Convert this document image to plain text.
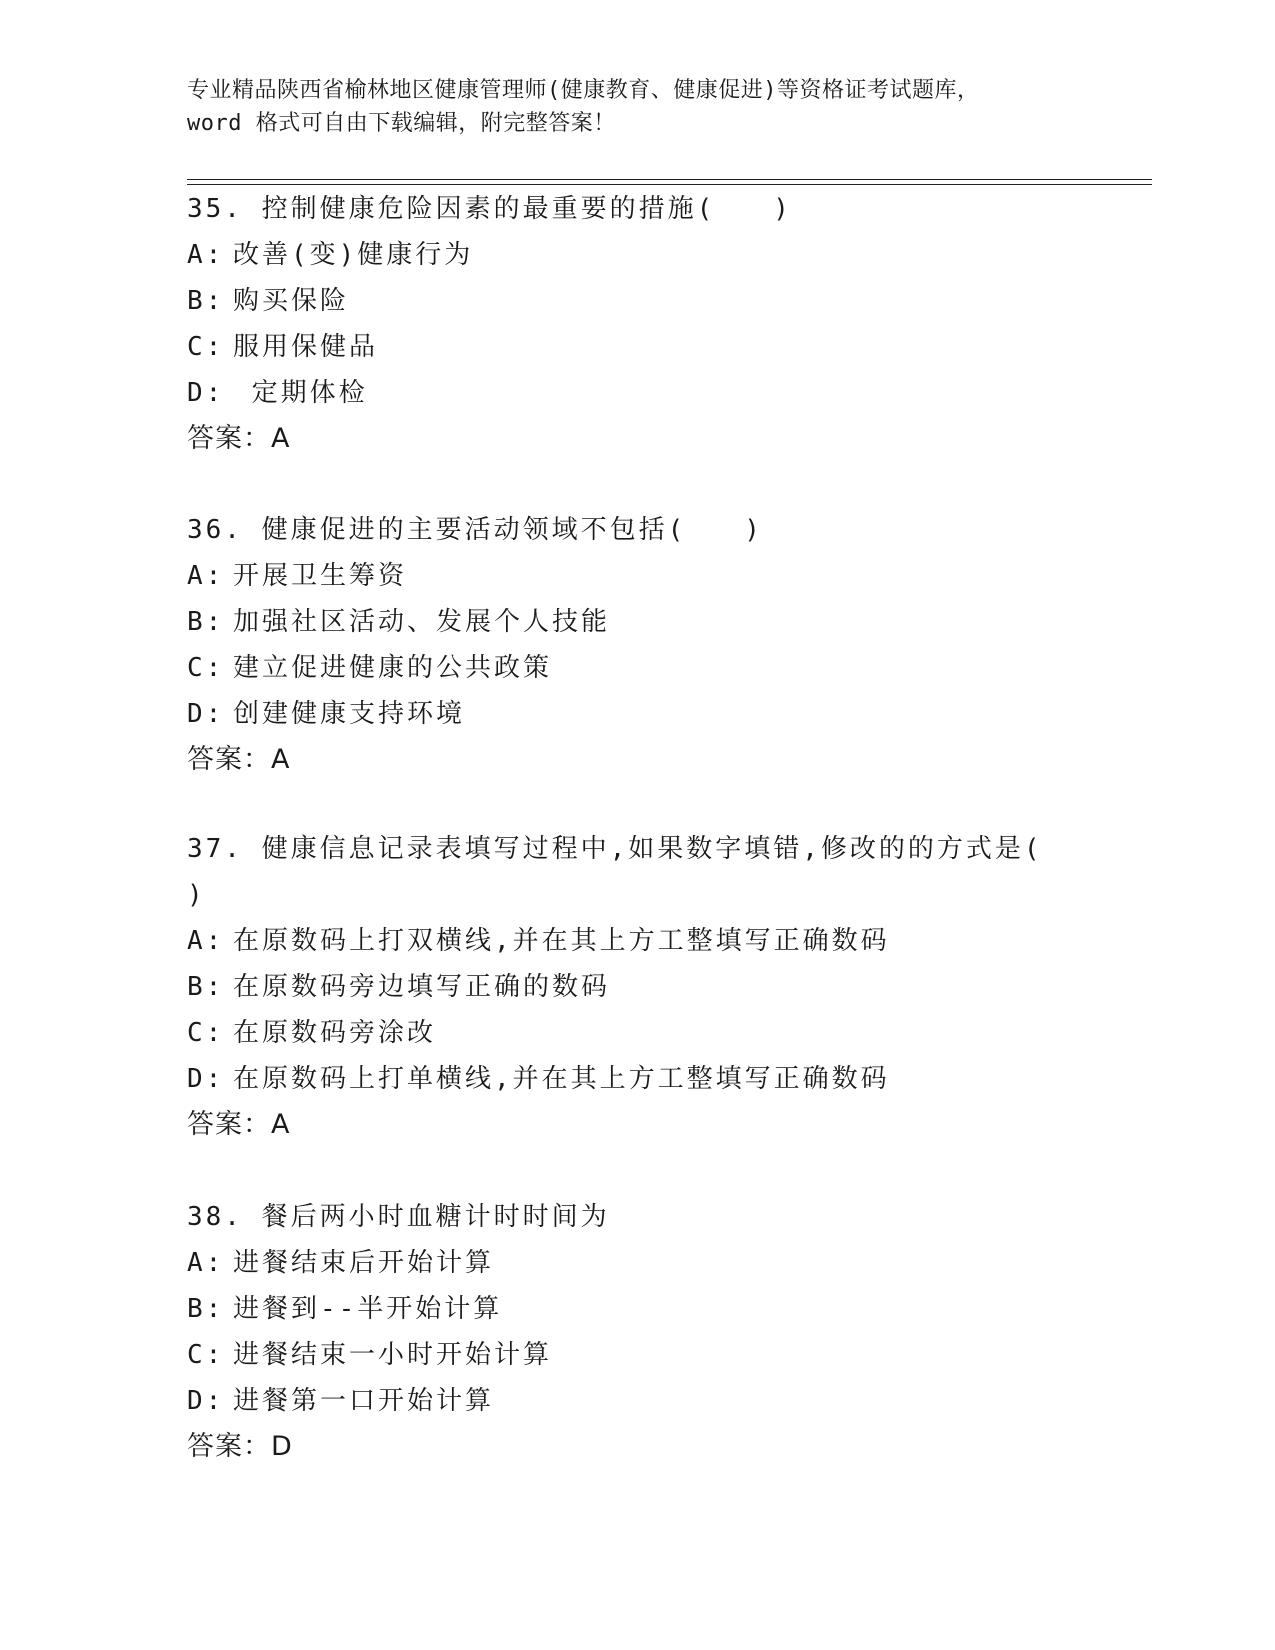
专业精品陕西省榆林地区健康管理师(健康教育、健康促进)等资格证考试题库，
word 格式可自由下载编辑，附完整答案！
35. 控制健康危险因素的最重要的措施(　　)
A: 改善(变)健康行为
B: 购买保险
C: 服用保健品
D: 定期体检
答案：A
36. 健康促进的主要活动领域不包括(　　)
A: 开展卫生筹资
B: 加强社区活动、发展个人技能
C: 建立促进健康的公共政策
D: 创建健康支持环境
答案：A
37. 健康信息记录表填写过程中,如果数字填错,修改的的方式是(
)
A: 在原数码上打双横线,并在其上方工整填写正确数码
B: 在原数码旁边填写正确的数码
C: 在原数码旁涂改
D: 在原数码上打单横线,并在其上方工整填写正确数码
答案：A
38. 餐后两小时血糖计时时间为
A: 进餐结束后开始计算
B: 进餐到--半开始计算
C: 进餐结束一小时开始计算
D: 进餐第一口开始计算
答案：D
